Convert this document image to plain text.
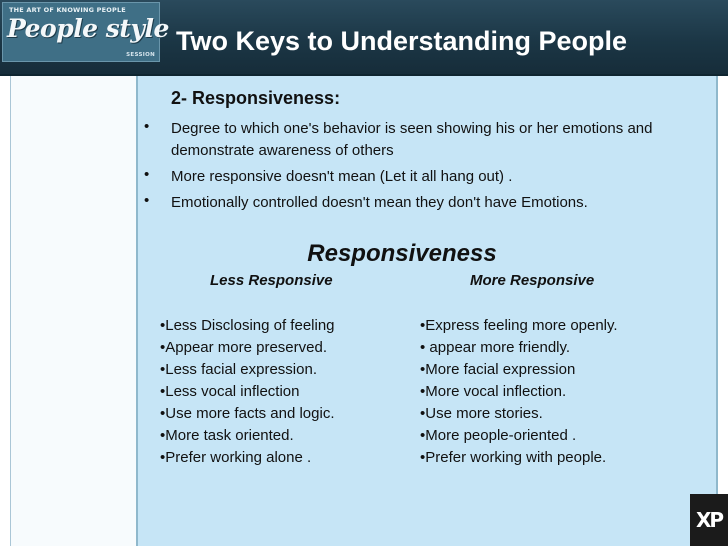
THE ART OF KNOWING PEOPLE
People style
SESSION Two Keys to Understanding People
2- Responsiveness:
• Degree to which one's behavior is seen showing his or her emotions and demonstrate awareness of others
• More responsive doesn't mean (Let it all hang out) .
• Emotionally controlled doesn't mean they don't have Emotions.
Responsiveness
Less Responsive	More Responsive
•Less Disclosing of feeling
•Appear more preserved.
•Less facial expression.
•Less vocal inflection
•Use more facts and logic.
•More task oriented.
•Prefer working alone .
•Express feeling more openly.
• appear more friendly.
•More facial expression
•More vocal inflection.
•Use more stories.
•More people-oriented .
•Prefer working with people.
XP
